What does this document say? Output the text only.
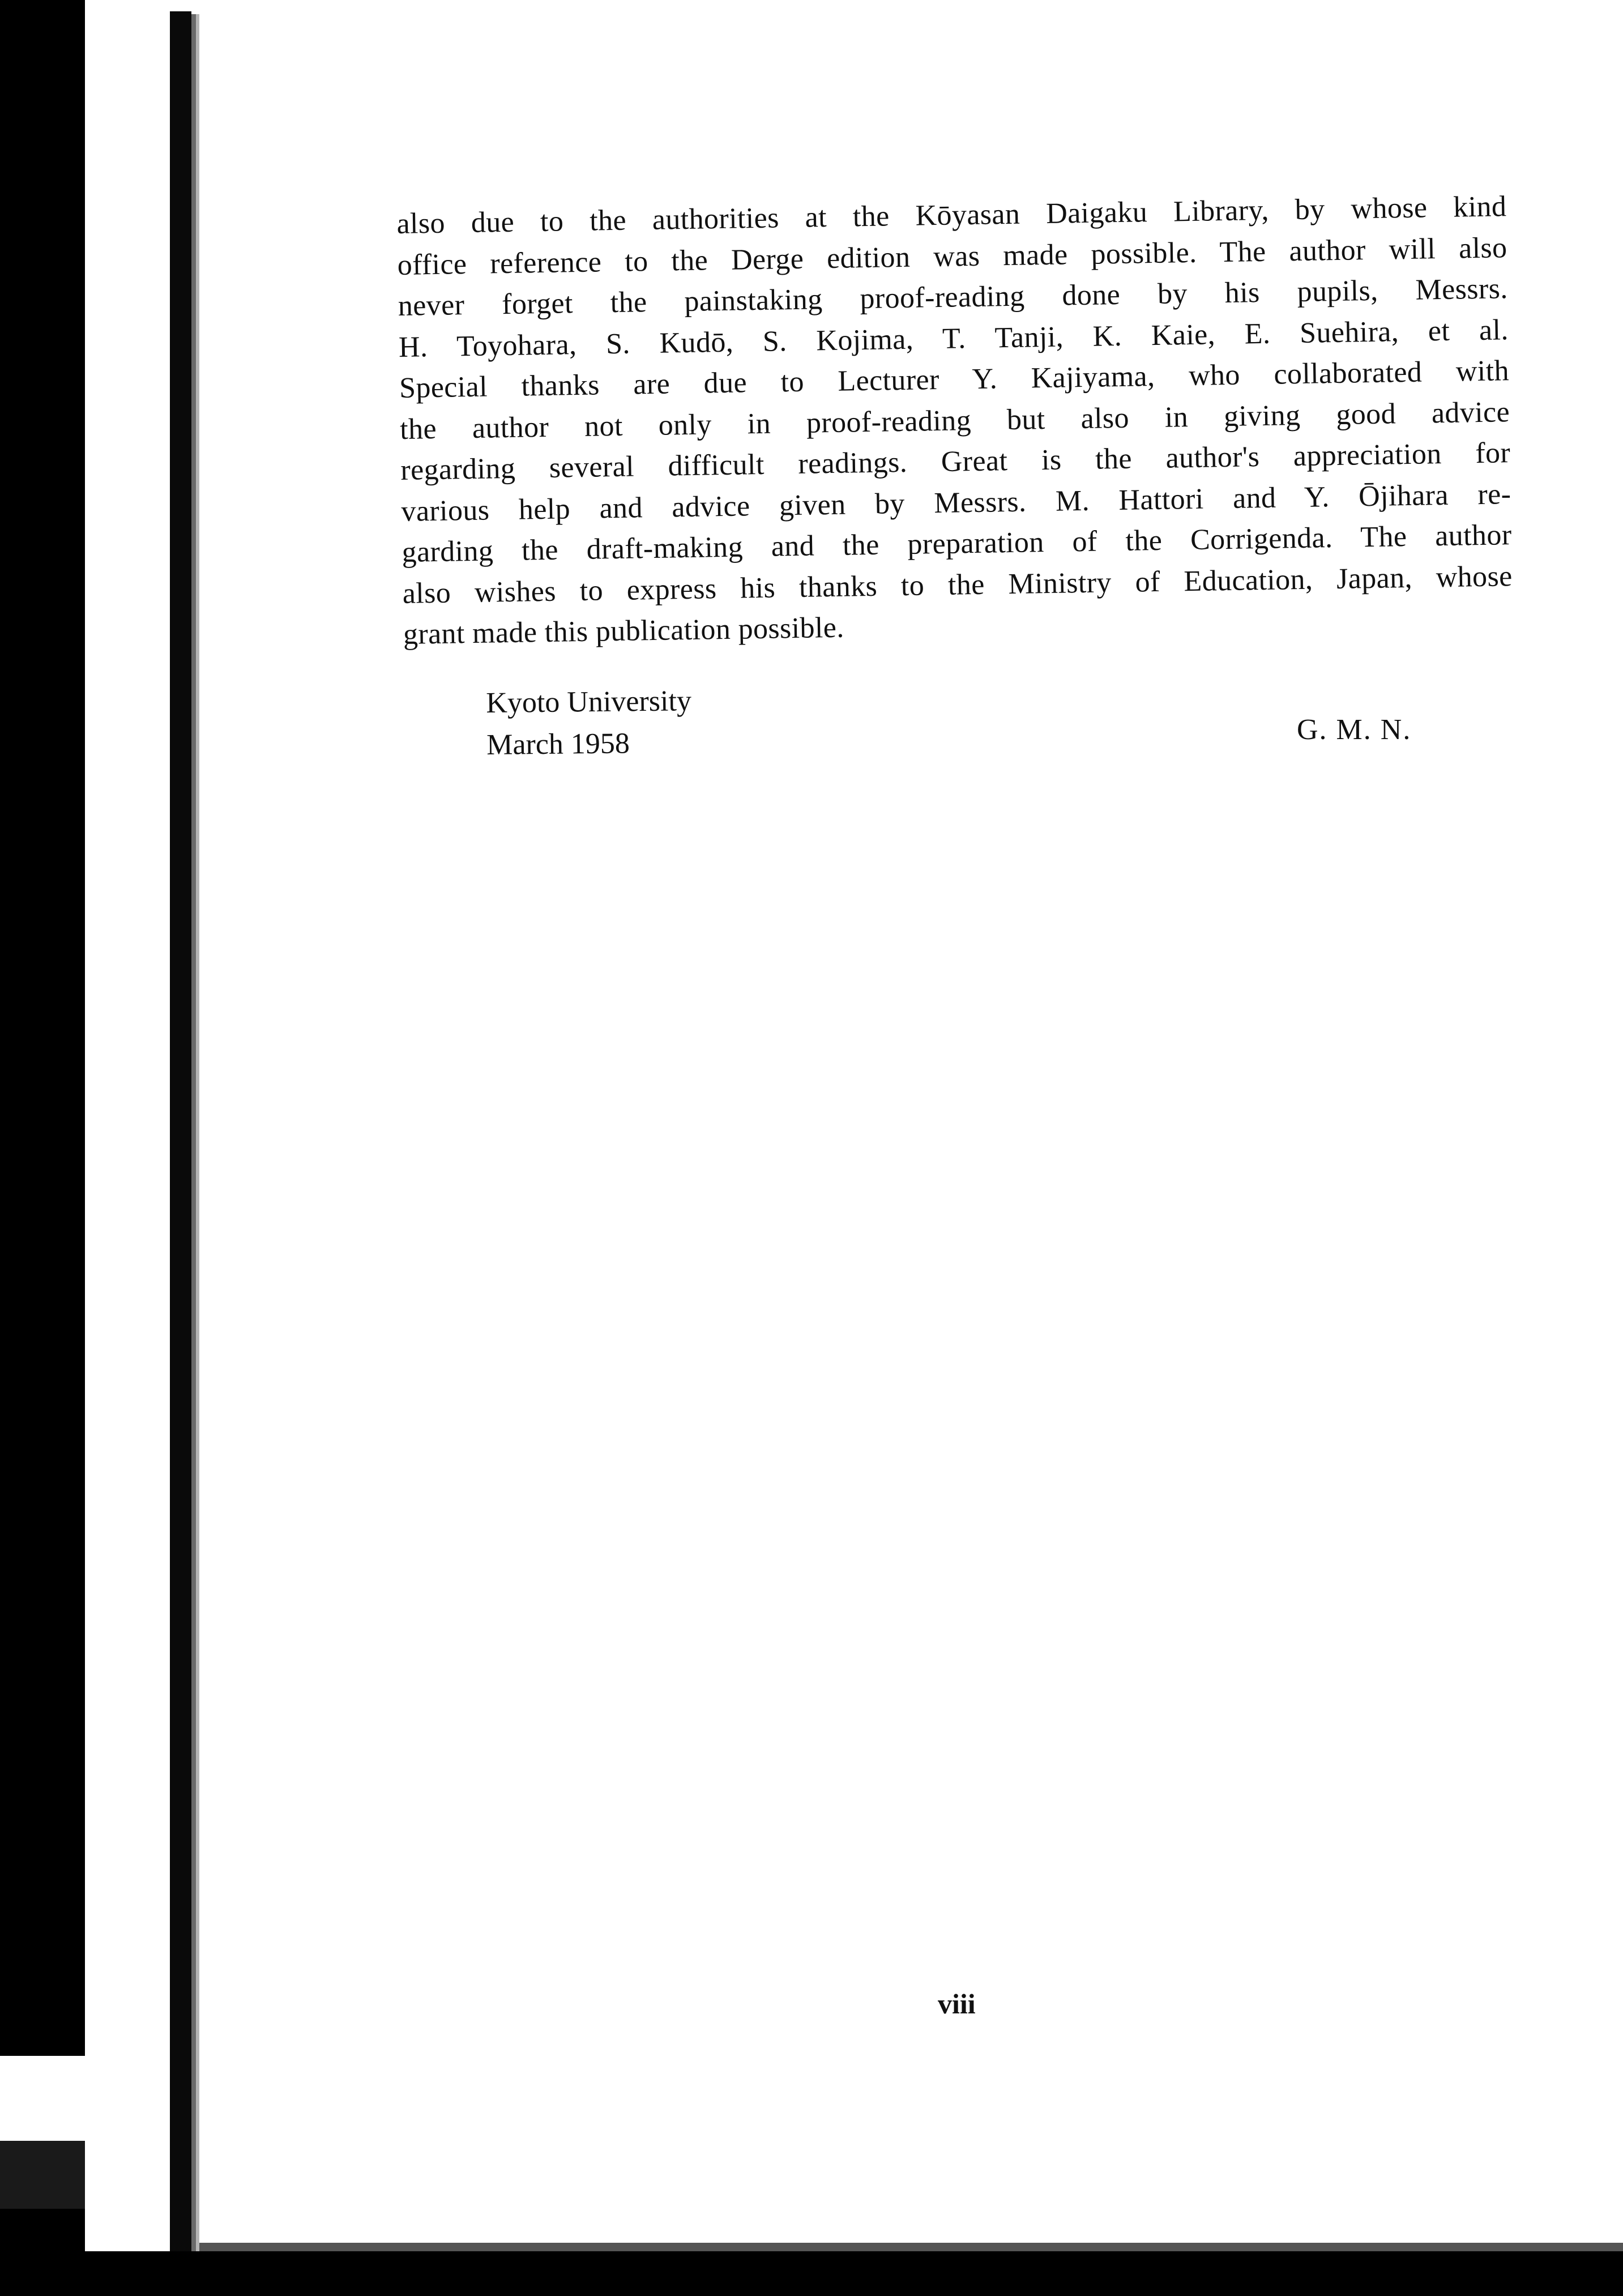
also due to the authorities at the Kōyasan Daigaku Library, by whose kind
office reference to the Derge edition was made possible. The author will also
never forget the painstaking proof-reading done by his pupils, Messrs.
H. Toyohara, S. Kudō, S. Kojima, T. Tanji, K. Kaie, E. Suehira, et al.
Special thanks are due to Lecturer Y. Kajiyama, who collaborated with
the author not only in proof-reading but also in giving good advice
regarding several difficult readings. Great is the author's appreciation for
various help and advice given by Messrs. M. Hattori and Y. Ōjihara re-
garding the draft-making and the preparation of the Corrigenda. The author
also wishes to express his thanks to the Ministry of Education, Japan, whose
grant made this publication possible.
Kyoto University
March 1958	G. M. N.
viii
